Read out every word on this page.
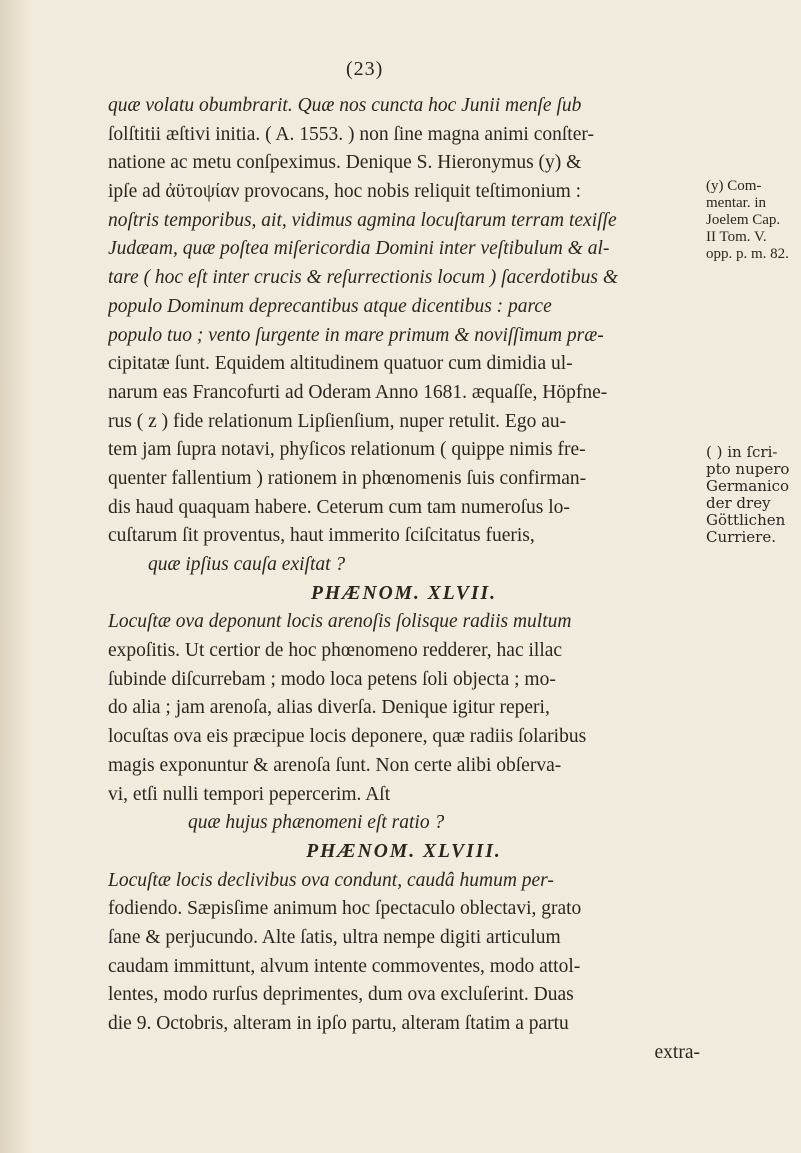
(23)
quæ volatu obumbrarit. Quæ nos cuncta hoc Junii menſe ſub
ſolſtitii æſtivi initia. ( A. 1553. ) non ſine magna animi conſter-
natione ac metu conſpeximus. Denique S. Hieronymus (y) &
ipſe ad ἀϋτοψίαν provocans, hoc nobis reliquit teſtimonium :
noſtris temporibus, ait, vidimus agmina locuſtarum terram texiſſe
Judæam, quæ poſtea miſericordia Domini inter veſtibulum & al-
tare ( hoc eſt inter crucis & reſurrectionis locum ) ſacerdotibus &
populo Dominum deprecantibus atque dicentibus : parce
populo tuo ; vento ſurgente in mare primum & noviſſimum præ-
cipitatæ ſunt. Equidem altitudinem quatuor cum dimidia ul-
narum eas Francofurti ad Oderam Anno 1681. æquaſſe, Höpfne-
rus ( z ) fide relationum Lipſienſium, nuper retulit. Ego au-
tem jam ſupra notavi, phyſicos relationum ( quippe nimis fre-
quenter fallentium ) rationem in phœnomenis ſuis confirman-
dis haud quaquam habere. Ceterum cum tam numeroſus lo-
cuſtarum ſit proventus, haut immerito ſciſcitatus fueris,
quæ ipſius cauſa exiſtat ?
PHÆNOM. XLVII.
Locuſtæ ova deponunt locis arenoſis ſolisque radiis multum
expoſitis. Ut certior de hoc phœnomeno redderer, hac illac
ſubinde diſcurrebam ; modo loca petens ſoli objecta ; mo-
do alia ; jam arenoſa, alias diverſa. Denique igitur reperi,
locuſtas ova eis præcipue locis deponere, quæ radiis ſolaribus
magis exponuntur & arenoſa ſunt. Non certe alibi obſerva-
vi, etſi nulli tempori pepercerim. Aſt
quæ hujus phænomeni eſt ratio ?
PHÆNOM. XLVIII.
Locuſtæ locis declivibus ova condunt, caudâ humum per-
fodiendo. Sæpisſime animum hoc ſpectaculo oblectavi, grato
ſane & perjucundo. Alte ſatis, ultra nempe digiti articulum
caudam immittunt, alvum intente commoventes, modo attol-
lentes, modo rurſus deprimentes, dum ova excluſerint. Duas
die 9. Octobris, alteram in ipſo partu, alteram ſtatim a partu
extra-
(y) Com-
mentar. in
Joelem Cap.
II Tom. V.
opp. p. m. 82.
( ) in ſcri-
pto nupero
Germanico
der drey
Göttlichen
Curriere.
